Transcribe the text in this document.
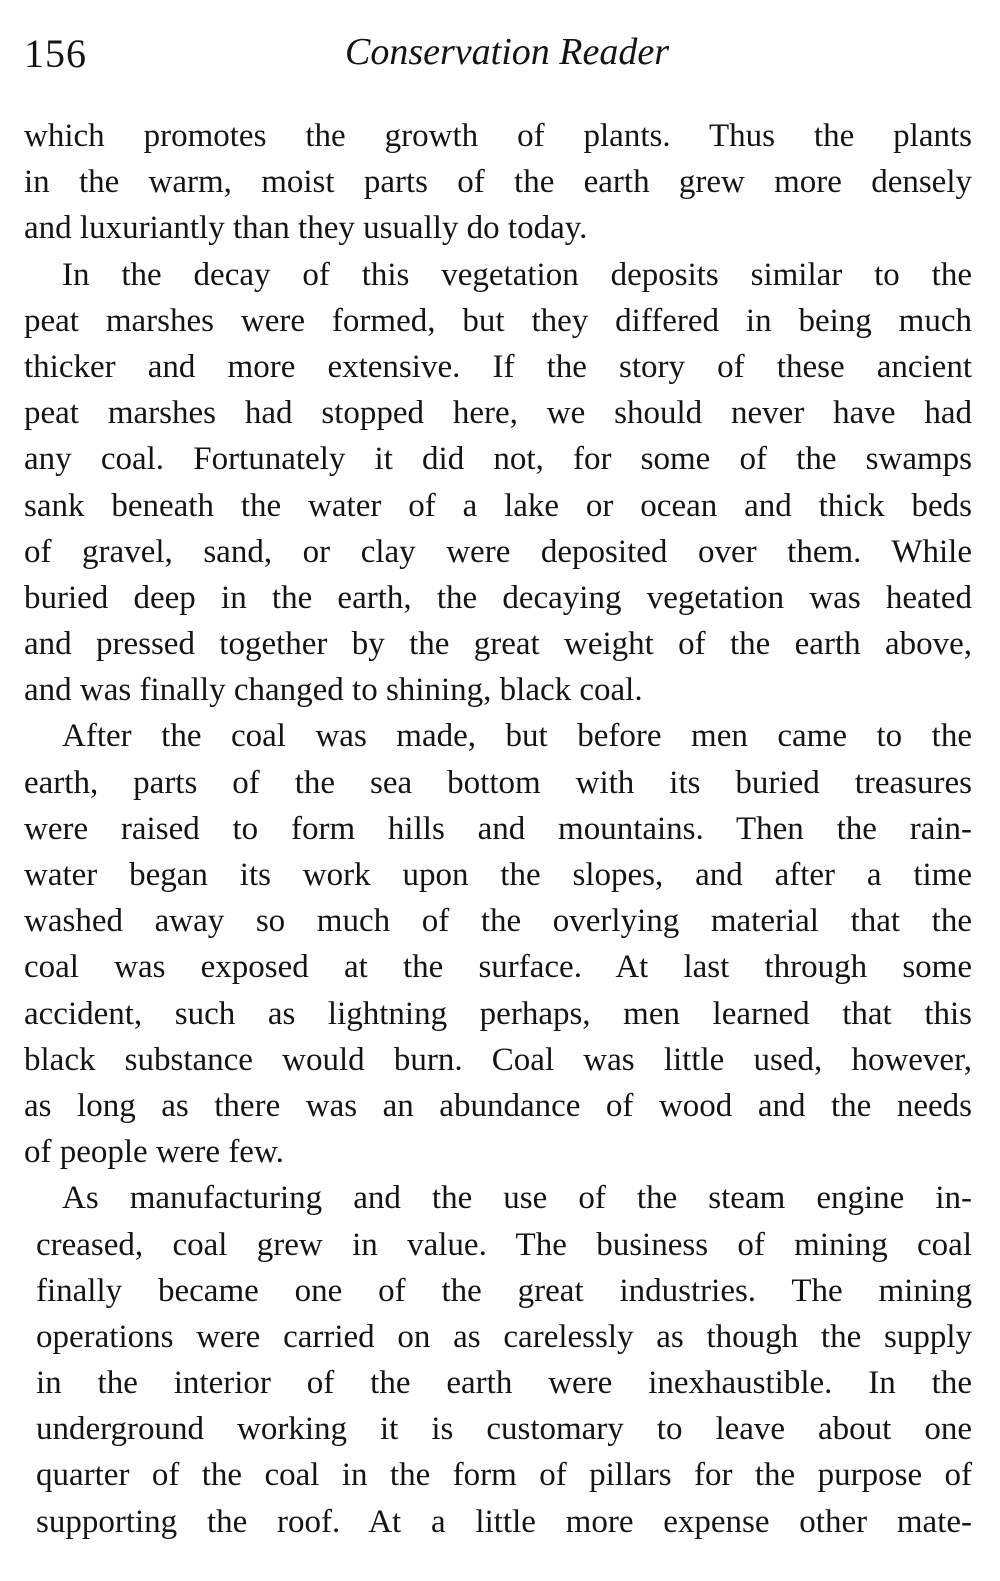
156	Conservation Reader

which promotes the growth of plants. Thus the plants
in the warm, moist parts of the earth grew more densely
and luxuriantly than they usually do today.

In the decay of this vegetation deposits similar to the
peat marshes were formed, but they differed in being much
thicker and more extensive. If the story of these ancient
peat marshes had stopped here, we should never have had
any coal. Fortunately it did not, for some of the swamps
sank beneath the water of a lake or ocean and thick beds
of gravel, sand, or clay were deposited over them. While
buried deep in the earth, the decaying vegetation was heated
and pressed together by the great weight of the earth above,
and was finally changed to shining, black coal.

After the coal was made, but before men came to the
earth, parts of the sea bottom with its buried treasures
were raised to form hills and mountains. Then the rain-
water began its work upon the slopes, and after a time
washed away so much of the overlying material that the
coal was exposed at the surface. At last through some
accident, such as lightning perhaps, men learned that this
black substance would burn. Coal was little used, however,
as long as there was an abundance of wood and the needs
of people were few.

As manufacturing and the use of the steam engine in-
creased, coal grew in value. The business of mining coal
finally became one of the great industries. The mining
operations were carried on as carelessly as though the supply
in the interior of the earth were inexhaustible. In the
underground working it is customary to leave about one
quarter of the coal in the form of pillars for the purpose of
supporting the roof. At a little more expense other mate-
